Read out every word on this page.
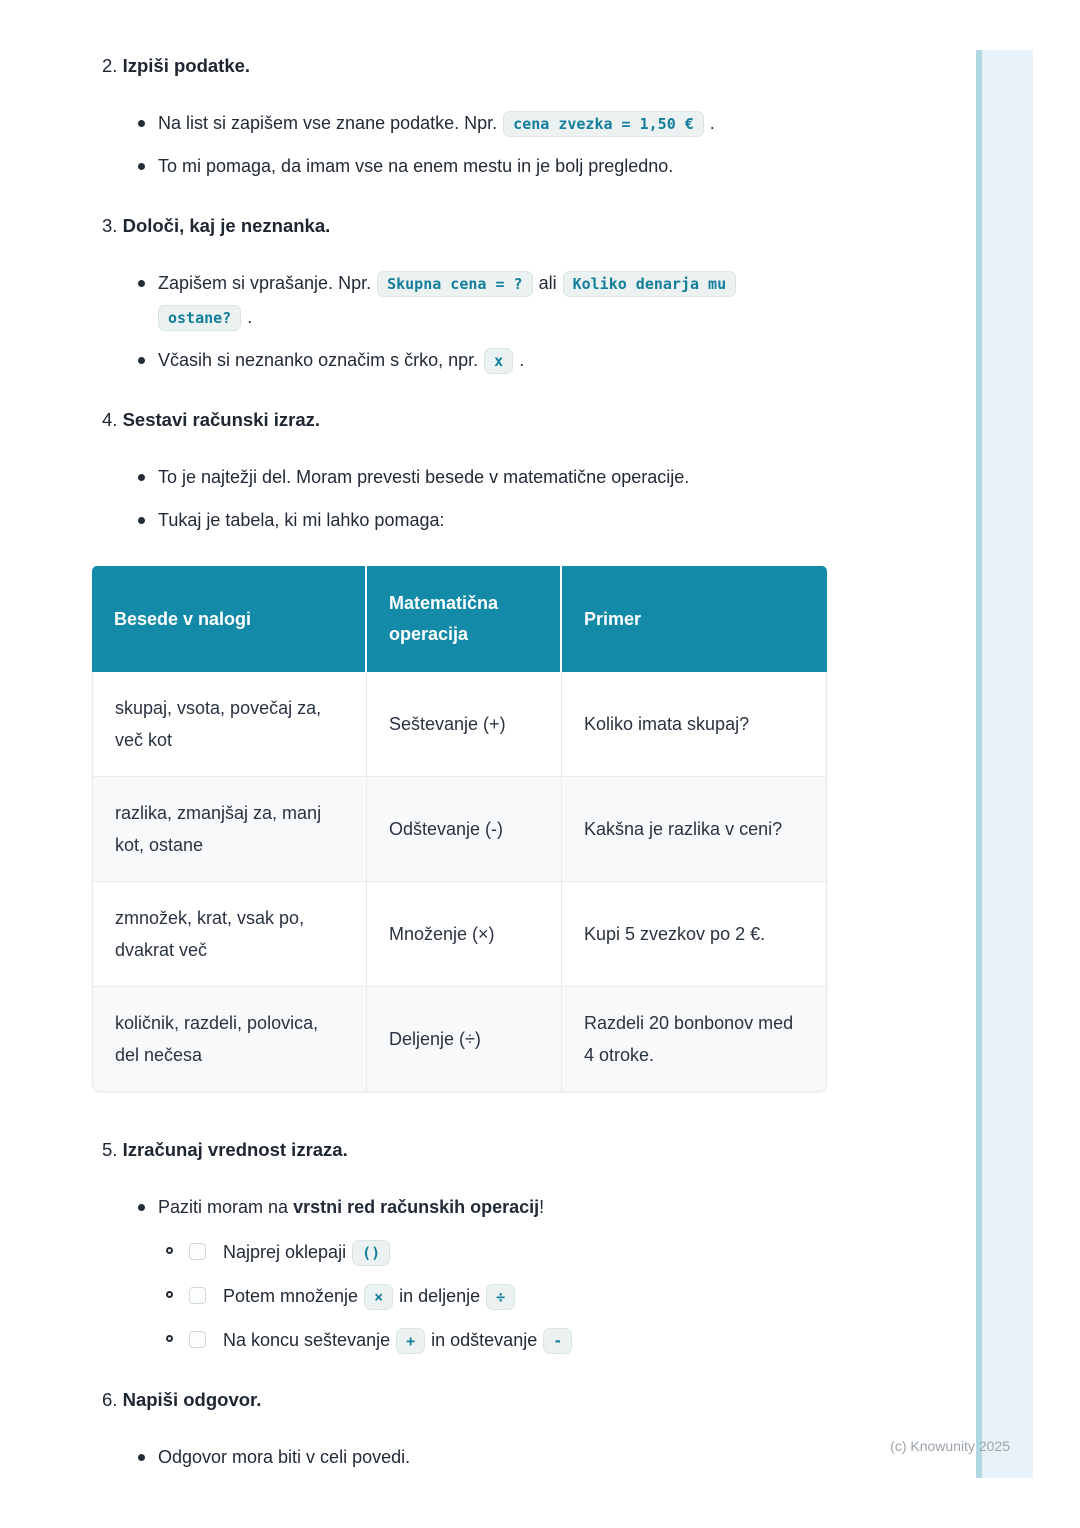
2. Izpiši podatke.
Na list si zapišem vse znane podatke. Npr. cena zvezka = 1,50 € .
To mi pomaga, da imam vse na enem mestu in je bolj pregledno.
3. Določi, kaj je neznanka.
Zapišem si vprašanje. Npr. Skupna cena = ? ali Koliko denarja mu
ostane? .
Včasih si neznanko označim s črko, npr. x .
4. Sestavi računski izraz.
To je najtežji del. Moram prevesti besede v matematične operacije.
Tukaj je tabela, ki mi lahko pomaga:
Besede v nalogi	Matematična operacija	Primer
skupaj, vsota, povečaj za, več kot	Seštevanje (+)	Koliko imata skupaj?
razlika, zmanjšaj za, manj kot, ostane	Odštevanje (-)	Kakšna je razlika v ceni?
zmnožek, krat, vsak po, dvakrat več	Množenje (×)	Kupi 5 zvezkov po 2 €.
količnik, razdeli, polovica, del nečesa	Deljenje (÷)	Razdeli 20 bonbonov med 4 otroke.
5. Izračunaj vrednost izraza.
Paziti moram na vrstni red računskih operacij!
Najprej oklepaji ()
Potem množenje × in deljenje ÷
Na koncu seštevanje + in odštevanje -
6. Napiši odgovor.
Odgovor mora biti v celi povedi.
(c) Knowunity 2025
